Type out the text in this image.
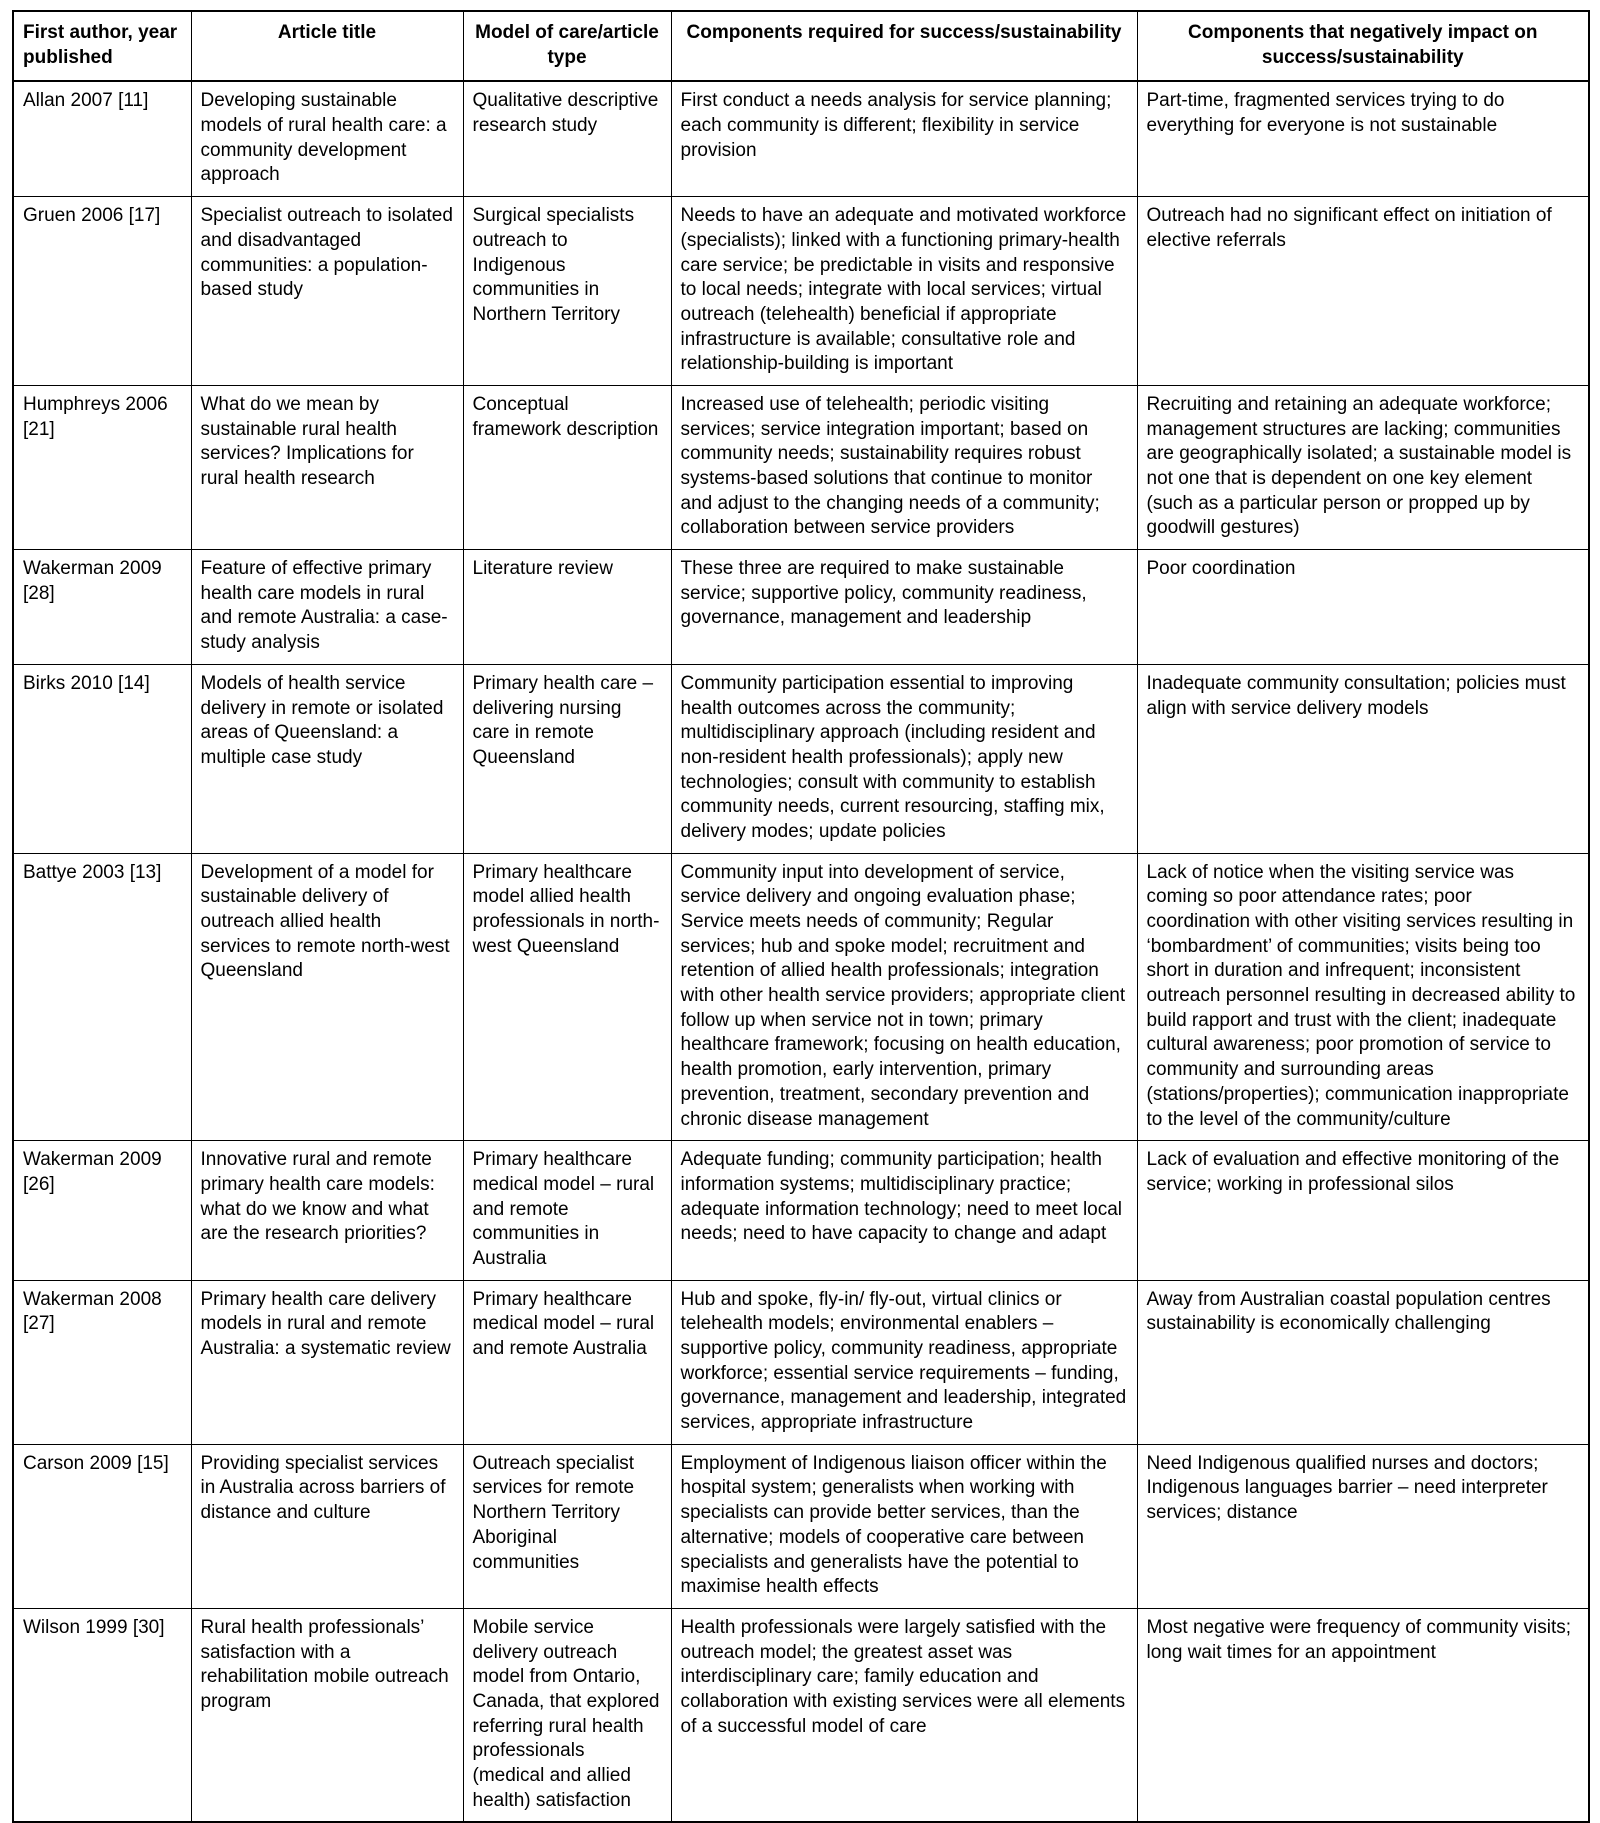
First author, year published	Article title	Model of care/article type	Components required for success/sustainability	Components that negatively impact on success/sustainability
Allan 2007 [11]	Developing sustainable models of rural health care: a community development approach	Qualitative descriptive research study	First conduct a needs analysis for service planning; each community is different; flexibility in service provision	Part-time, fragmented services trying to do everything for everyone is not sustainable
Gruen 2006 [17]	Specialist outreach to isolated and disadvantaged communities: a population-based study	Surgical specialists outreach to Indigenous communities in Northern Territory	Needs to have an adequate and motivated workforce (specialists); linked with a functioning primary-health care service; be predictable in visits and responsive to local needs; integrate with local services; virtual outreach (telehealth) beneficial if appropriate infrastructure is available; consultative role and relationship-building is important	Outreach had no significant effect on initiation of elective referrals
Humphreys 2006 [21]	What do we mean by sustainable rural health services? Implications for rural health research	Conceptual framework description	Increased use of telehealth; periodic visiting services; service integration important; based on community needs; sustainability requires robust systems-based solutions that continue to monitor and adjust to the changing needs of a community; collaboration between service providers	Recruiting and retaining an adequate workforce; management structures are lacking; communities are geographically isolated; a sustainable model is not one that is dependent on one key element (such as a particular person or propped up by goodwill gestures)
Wakerman 2009 [28]	Feature of effective primary health care models in rural and remote Australia: a case-study analysis	Literature review	These three are required to make sustainable service; supportive policy, community readiness, governance, management and leadership	Poor coordination
Birks 2010 [14]	Models of health service delivery in remote or isolated areas of Queensland: a multiple case study	Primary health care – delivering nursing care in remote Queensland	Community participation essential to improving health outcomes across the community; multidisciplinary approach (including resident and non-resident health professionals); apply new technologies; consult with community to establish community needs, current resourcing, staffing mix, delivery modes; update policies	Inadequate community consultation; policies must align with service delivery models
Battye 2003 [13]	Development of a model for sustainable delivery of outreach allied health services to remote north-west Queensland	Primary healthcare model allied health professionals in north-west Queensland	Community input into development of service, service delivery and ongoing evaluation phase; Service meets needs of community; Regular services; hub and spoke model; recruitment and retention of allied health professionals; integration with other health service providers; appropriate client follow up when service not in town; primary healthcare framework; focusing on health education, health promotion, early intervention, primary prevention, treatment, secondary prevention and chronic disease management	Lack of notice when the visiting service was coming so poor attendance rates; poor coordination with other visiting services resulting in ‘bombardment’ of communities; visits being too short in duration and infrequent; inconsistent outreach personnel resulting in decreased ability to build rapport and trust with the client; inadequate cultural awareness; poor promotion of service to community and surrounding areas (stations/properties); communication inappropriate to the level of the community/culture
Wakerman 2009 [26]	Innovative rural and remote primary health care models: what do we know and what are the research priorities?	Primary healthcare medical model – rural and remote communities in Australia	Adequate funding; community participation; health information systems; multidisciplinary practice; adequate information technology; need to meet local needs; need to have capacity to change and adapt	Lack of evaluation and effective monitoring of the service; working in professional silos
Wakerman 2008 [27]	Primary health care delivery models in rural and remote Australia: a systematic review	Primary healthcare medical model – rural and remote Australia	Hub and spoke, fly-in/ fly-out, virtual clinics or telehealth models; environmental enablers – supportive policy, community readiness, appropriate workforce; essential service requirements – funding, governance, management and leadership, integrated services, appropriate infrastructure	Away from Australian coastal population centres sustainability is economically challenging
Carson 2009 [15]	Providing specialist services in Australia across barriers of distance and culture	Outreach specialist services for remote Northern Territory Aboriginal communities	Employment of Indigenous liaison officer within the hospital system; generalists when working with specialists can provide better services, than the alternative; models of cooperative care between specialists and generalists have the potential to maximise health effects	Need Indigenous qualified nurses and doctors; Indigenous languages barrier – need interpreter services; distance
Wilson 1999 [30]	Rural health professionals’ satisfaction with a rehabilitation mobile outreach program	Mobile service delivery outreach model from Ontario, Canada, that explored referring rural health professionals (medical and allied health) satisfaction	Health professionals were largely satisfied with the outreach model; the greatest asset was interdisciplinary care; family education and collaboration with existing services were all elements of a successful model of care	Most negative were frequency of community visits; long wait times for an appointment
